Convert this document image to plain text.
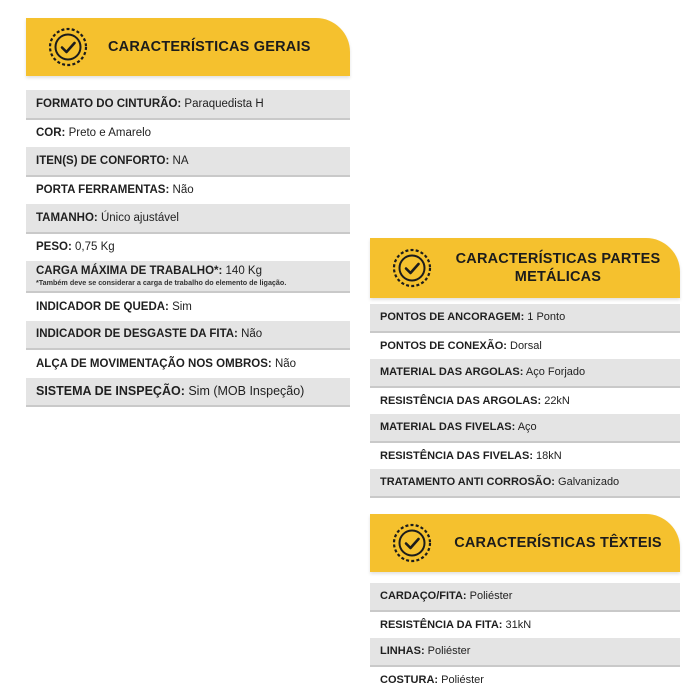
CARACTERÍSTICAS GERAIS
FORMATO DO CINTURÃO: Paraquedista H
COR: Preto e Amarelo
ITEN(S) DE CONFORTO: NA
PORTA FERRAMENTAS: Não
TAMANHO: Único ajustável
PESO: 0,75 Kg
CARGA MÁXIMA DE TRABALHO*: 140 Kg
*Também deve se considerar a carga de trabalho do elemento de ligação.
INDICADOR DE QUEDA: Sim
INDICADOR DE DESGASTE DA FITA: Não
ALÇA DE MOVIMENTAÇÃO NOS OMBROS: Não
SISTEMA DE INSPEÇÃO: Sim (MOB Inspeção)
CARACTERÍSTICAS PARTES METÁLICAS
PONTOS DE ANCORAGEM: 1 Ponto
PONTOS DE CONEXÃO: Dorsal
MATERIAL DAS ARGOLAS: Aço Forjado
RESISTÊNCIA DAS ARGOLAS: 22kN
MATERIAL DAS FIVELAS: Aço
RESISTÊNCIA DAS FIVELAS: 18kN
TRATAMENTO ANTI CORROSÃO: Galvanizado
CARACTERÍSTICAS TÊXTEIS
CARDAÇO/FITA: Poliéster
RESISTÊNCIA DA FITA: 31kN
LINHAS: Poliéster
COSTURA: Poliéster
